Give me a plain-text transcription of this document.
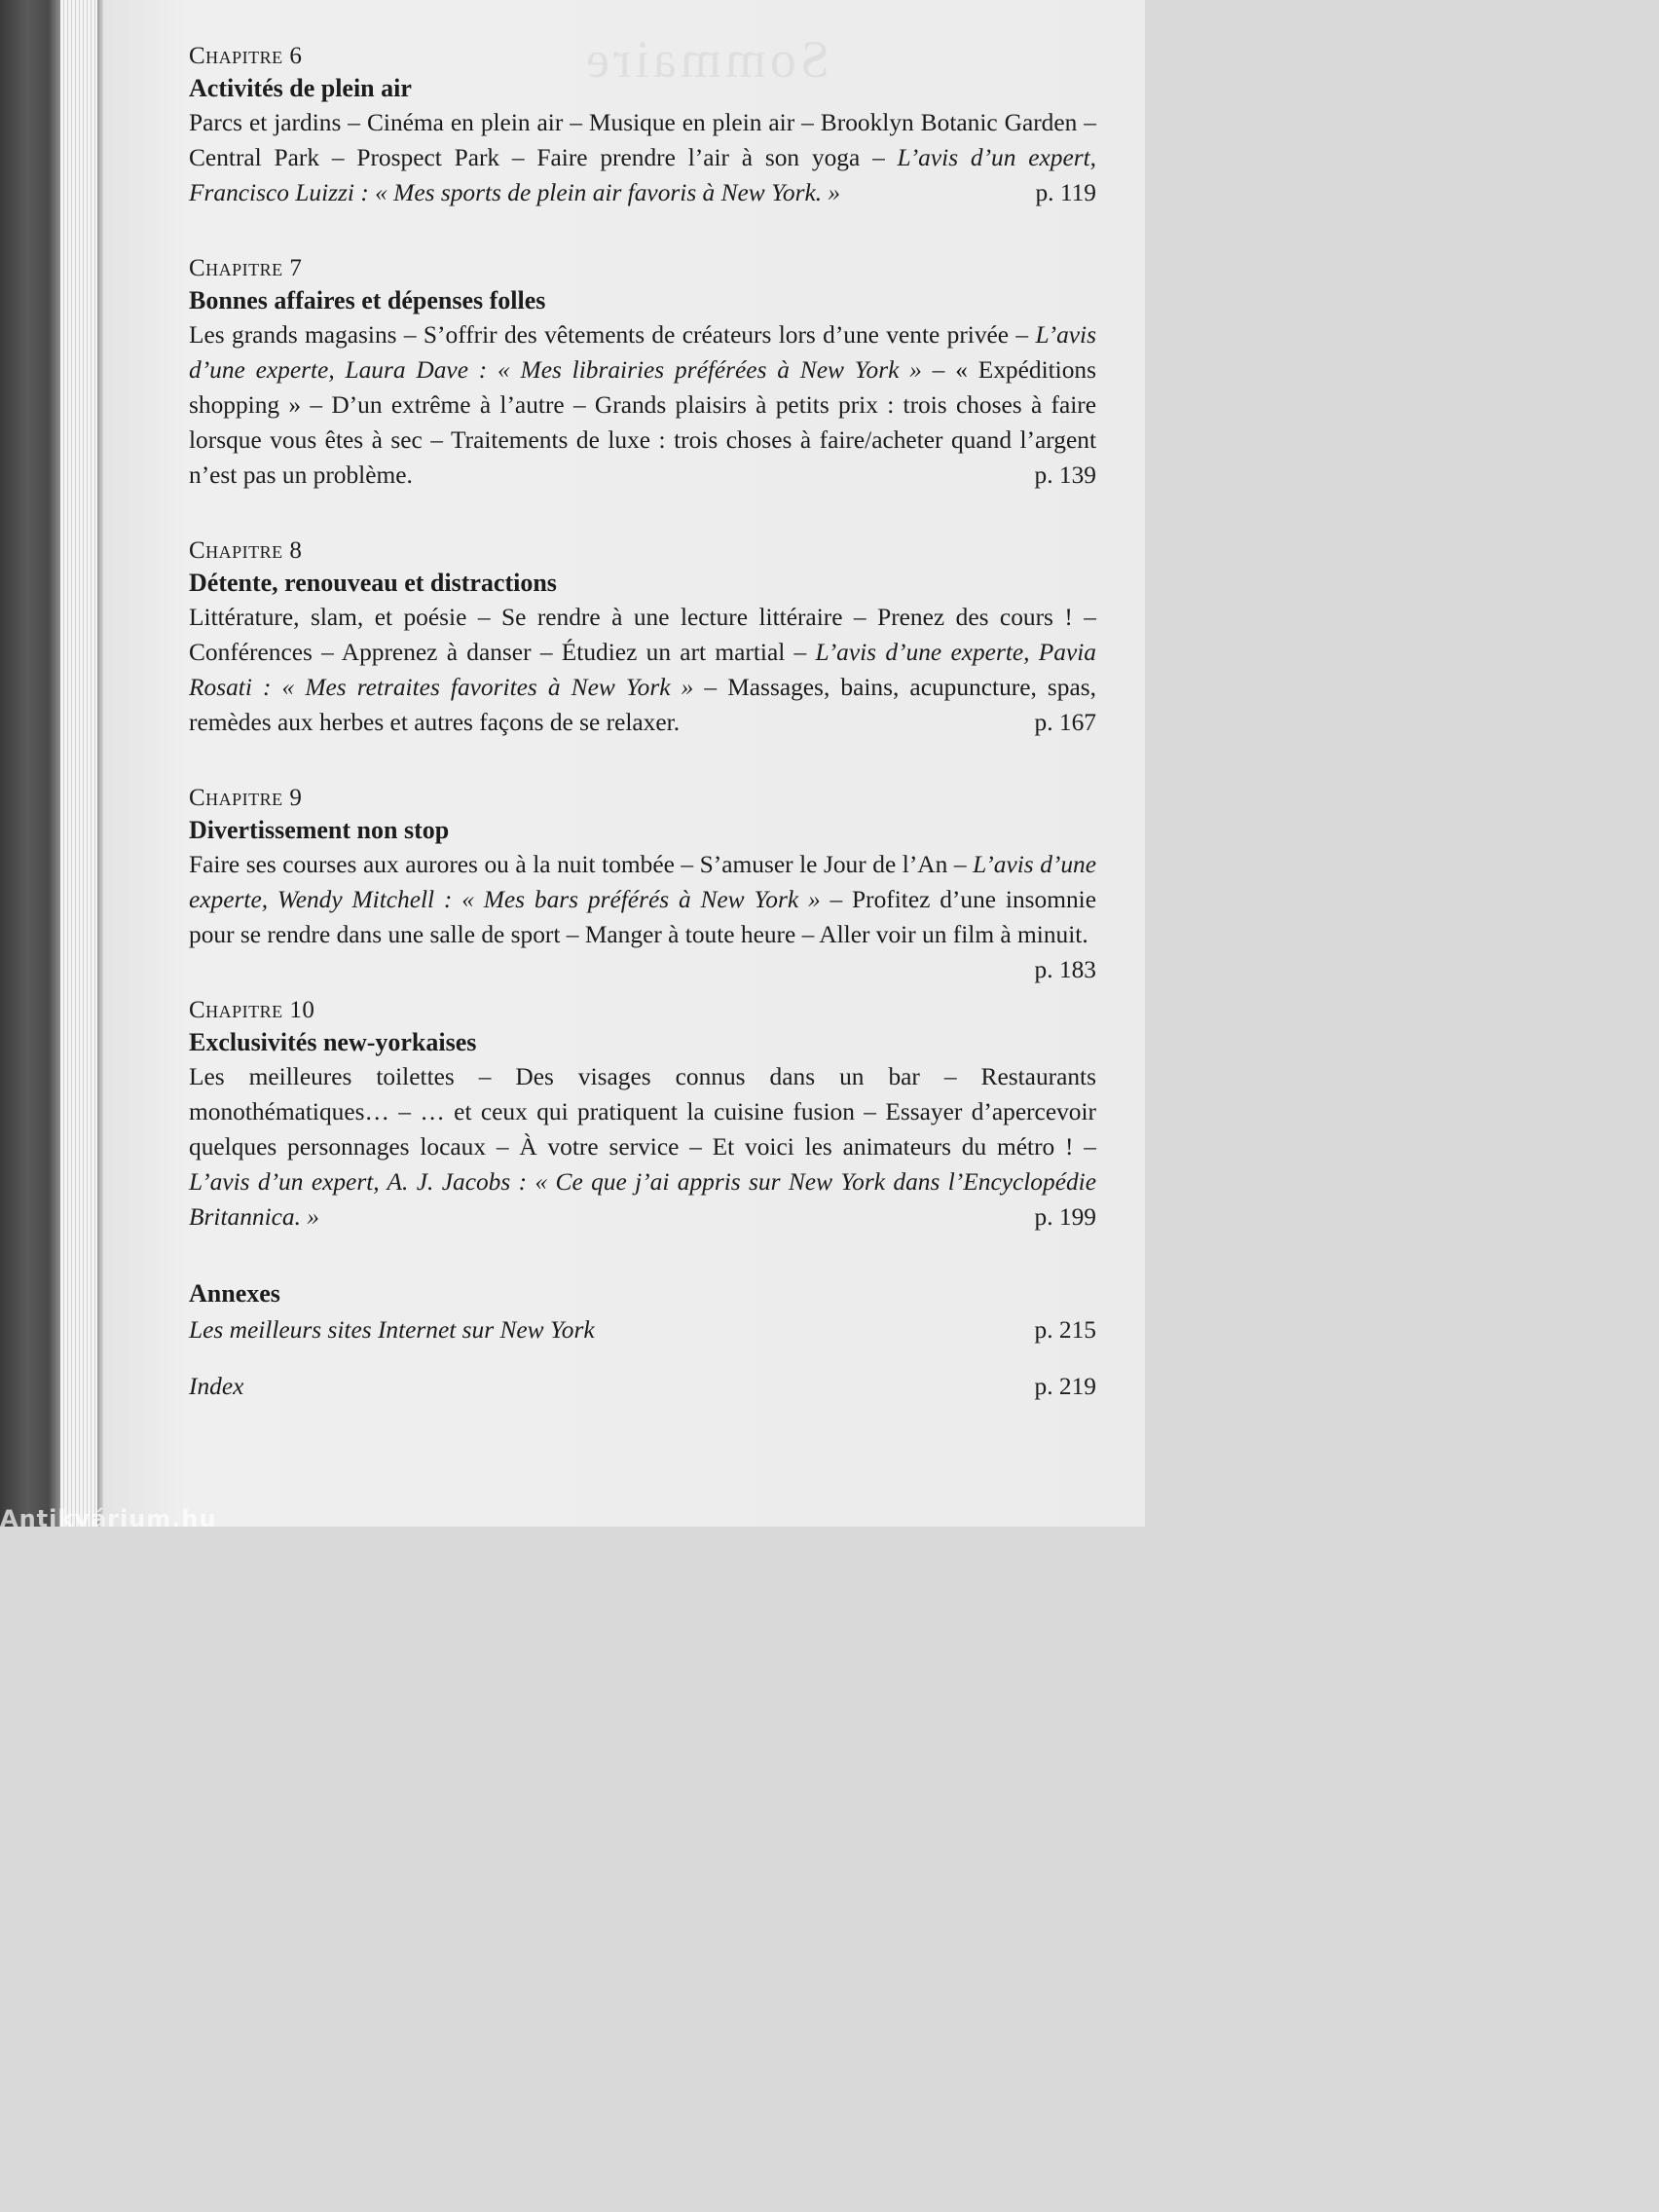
Sommaire
Chapitre 6
Activités de plein air
Parcs et jardins – Cinéma en plein air – Musique en plein air – Brooklyn Botanic Garden – Central Park – Prospect Park – Faire prendre l’air à son yoga – L’avis d’un expert, Francisco Luizzi : « Mes sports de plein air favoris à New York. »	p. 119
Chapitre 7
Bonnes affaires et dépenses folles
Les grands magasins – S’offrir des vêtements de créateurs lors d’une vente privée – L’avis d’une experte, Laura Dave : « Mes librairies préférées à New York » – « Expéditions shopping » – D’un extrême à l’autre – Grands plaisirs à petits prix : trois choses à faire lorsque vous êtes à sec – Traitements de luxe : trois choses à faire/acheter quand l’argent n’est pas un problème.	p. 139
Chapitre 8
Détente, renouveau et distractions
Littérature, slam, et poésie – Se rendre à une lecture littéraire – Prenez des cours ! – Conférences – Apprenez à danser – Étudiez un art martial – L’avis d’une experte, Pavia Rosati : « Mes retraites favorites à New York » – Massages, bains, acupuncture, spas, remèdes aux herbes et autres façons de se relaxer.	p. 167
Chapitre 9
Divertissement non stop
Faire ses courses aux aurores ou à la nuit tombée – S’amuser le Jour de l’An – L’avis d’une experte, Wendy Mitchell : « Mes bars préférés à New York » – Profitez d’une insomnie pour se rendre dans une salle de sport – Manger à toute heure – Aller voir un film à minuit.
p. 183
Chapitre 10
Exclusivités new-yorkaises
Les meilleures toilettes – Des visages connus dans un bar – Restaurants monothématiques… – … et ceux qui pratiquent la cuisine fusion – Essayer d’apercevoir quelques personnages locaux – À votre service – Et voici les animateurs du métro ! – L’avis d’un expert, A. J. Jacobs : « Ce que j’ai appris sur New York dans l’Encyclopédie Britannica. »	p. 199
Annexes
Les meilleurs sites Internet sur New York	p. 215
Index	p. 219
Antikvárium.hu
